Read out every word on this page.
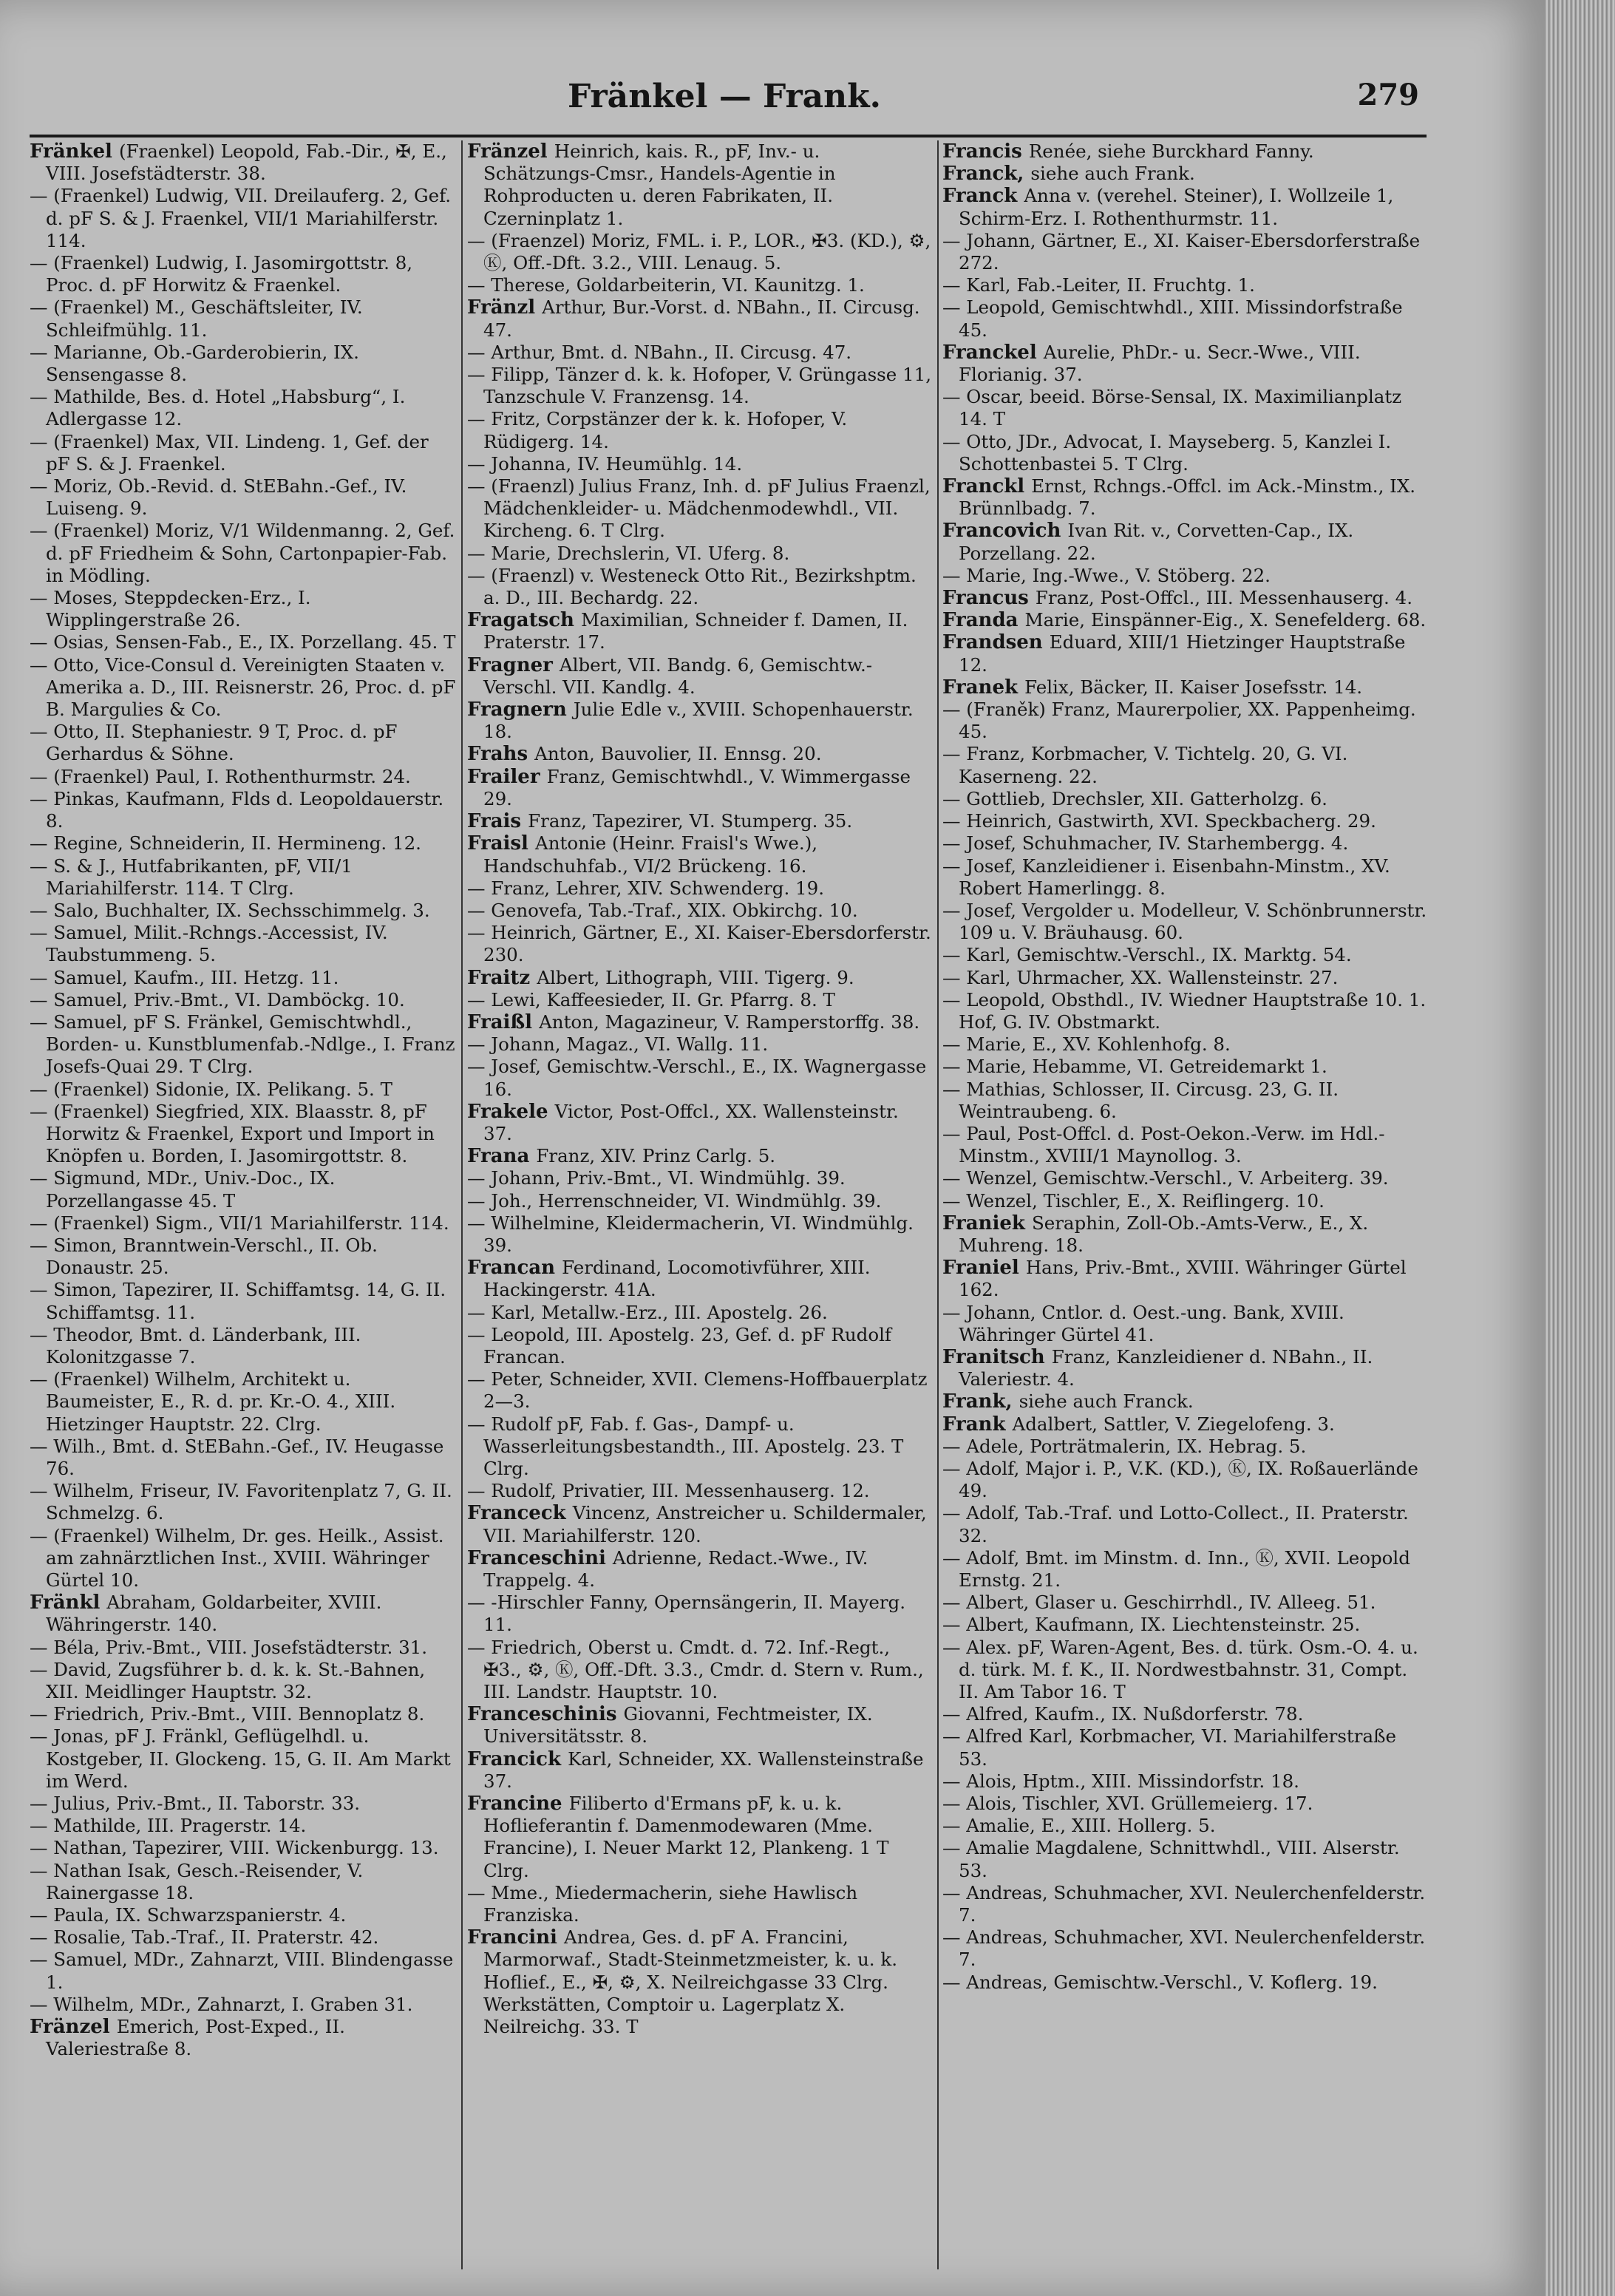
Fränkel — Frank.	279

Fränkel (Fraenkel) Leopold, Fab.-Dir., ✠, E., VIII. Josefstädterstr. 38.

— (Fraenkel) Ludwig, VII. Dreilauferg. 2, Gef. d. pF S. & J. Fraenkel, VII/1 Mariahilferstr. 114.

— (Fraenkel) Ludwig, I. Jasomirgottstr. 8, Proc. d. pF Horwitz & Fraenkel.

— (Fraenkel) M., Geschäftsleiter, IV. Schleifmühlg. 11.

— Marianne, Ob.-Garderobierin, IX. Sensengasse 8.

— Mathilde, Bes. d. Hotel „Habsburg“, I. Adlergasse 12.

— (Fraenkel) Max, VII. Lindeng. 1, Gef. der pF S. & J. Fraenkel.

— Moriz, Ob.-Revid. d. StEBahn.-Gef., IV. Luiseng. 9.

— (Fraenkel) Moriz, V/1 Wildenmanng. 2, Gef. d. pF Friedheim & Sohn, Cartonpapier-Fab. in Mödling.

— Moses, Steppdecken-Erz., I. Wipplingerstraße 26.

— Osias, Sensen-Fab., E., IX. Porzellang. 45. T

— Otto, Vice-Consul d. Vereinigten Staaten v. Amerika a. D., III. Reisnerstr. 26, Proc. d. pF B. Margulies & Co.

— Otto, II. Stephaniestr. 9 T, Proc. d. pF Gerhardus & Söhne.

— (Fraenkel) Paul, I. Rothenthurmstr. 24.

— Pinkas, Kaufmann, Flds d. Leopoldauerstr. 8.

— Regine, Schneiderin, II. Hermineng. 12.

— S. & J., Hutfabrikanten, pF, VII/1 Mariahilferstr. 114. T Clrg.

— Salo, Buchhalter, IX. Sechsschimmelg. 3.

— Samuel, Milit.-Rchngs.-Accessist, IV. Taubstummeng. 5.

— Samuel, Kaufm., III. Hetzg. 11.

— Samuel, Priv.-Bmt., VI. Damböckg. 10.

— Samuel, pF S. Fränkel, Gemischtwhdl., Borden- u. Kunstblumenfab.-Ndlge., I. Franz Josefs-Quai 29. T Clrg.

— (Fraenkel) Sidonie, IX. Pelikang. 5. T

— (Fraenkel) Siegfried, XIX. Blaasstr. 8, pF Horwitz & Fraenkel, Export und Import in Knöpfen u. Borden, I. Jasomirgottstr. 8.

— Sigmund, MDr., Univ.-Doc., IX. Porzellangasse 45. T

— (Fraenkel) Sigm., VII/1 Mariahilferstr. 114.

— Simon, Branntwein-Verschl., II. Ob. Donaustr. 25.

— Simon, Tapezirer, II. Schiffamtsg. 14, G. II. Schiffamtsg. 11.

— Theodor, Bmt. d. Länderbank, III. Kolonitzgasse 7.

— (Fraenkel) Wilhelm, Architekt u. Baumeister, E., R. d. pr. Kr.-O. 4., XIII. Hietzinger Hauptstr. 22. Clrg.

— Wilh., Bmt. d. StEBahn.-Gef., IV. Heugasse 76.

— Wilhelm, Friseur, IV. Favoritenplatz 7, G. II. Schmelzg. 6.

— (Fraenkel) Wilhelm, Dr. ges. Heilk., Assist. am zahnärztlichen Inst., XVIII. Währinger Gürtel 10.

Fränkl Abraham, Goldarbeiter, XVIII. Währingerstr. 140.

— Béla, Priv.-Bmt., VIII. Josefstädterstr. 31.

— David, Zugsführer b. d. k. k. St.-Bahnen, XII. Meidlinger Hauptstr. 32.

— Friedrich, Priv.-Bmt., VIII. Bennoplatz 8.

— Jonas, pF J. Fränkl, Geflügelhdl. u. Kostgeber, II. Glockeng. 15, G. II. Am Markt im Werd.

— Julius, Priv.-Bmt., II. Taborstr. 33.

— Mathilde, III. Pragerstr. 14.

— Nathan, Tapezirer, VIII. Wickenburgg. 13.

— Nathan Isak, Gesch.-Reisender, V. Rainergasse 18.

— Paula, IX. Schwarzspanierstr. 4.

— Rosalie, Tab.-Traf., II. Praterstr. 42.

— Samuel, MDr., Zahnarzt, VIII. Blindengasse 1.

— Wilhelm, MDr., Zahnarzt, I. Graben 31.

Fränzel Emerich, Post-Exped., II. Valeriestraße 8.

Fränzel Heinrich, kais. R., pF, Inv.- u. Schätzungs-Cmsr., Handels-Agentie in Rohproducten u. deren Fabrikaten, II. Czerninplatz 1.

— (Fraenzel) Moriz, FML. i. P., LOR., ✠3. (KD.), ⚙, Ⓚ, Off.-Dft. 3.2., VIII. Lenaug. 5.

— Therese, Goldarbeiterin, VI. Kaunitzg. 1.

Fränzl Arthur, Bur.-Vorst. d. NBahn., II. Circusg. 47.

— Arthur, Bmt. d. NBahn., II. Circusg. 47.

— Filipp, Tänzer d. k. k. Hofoper, V. Grüngasse 11, Tanzschule V. Franzensg. 14.

— Fritz, Corpstänzer der k. k. Hofoper, V. Rüdigerg. 14.

— Johanna, IV. Heumühlg. 14.

— (Fraenzl) Julius Franz, Inh. d. pF Julius Fraenzl, Mädchenkleider- u. Mädchenmodewhdl., VII. Kircheng. 6. T Clrg.

— Marie, Drechslerin, VI. Uferg. 8.

— (Fraenzl) v. Westeneck Otto Rit., Bezirkshptm. a. D., III. Bechardg. 22.

Fragatsch Maximilian, Schneider f. Damen, II. Praterstr. 17.

Fragner Albert, VII. Bandg. 6, Gemischtw.-Verschl. VII. Kandlg. 4.

Fragnern Julie Edle v., XVIII. Schopenhauerstr. 18.

Frahs Anton, Bauvolier, II. Ennsg. 20.

Frailer Franz, Gemischtwhdl., V. Wimmergasse 29.

Frais Franz, Tapezirer, VI. Stumperg. 35.

Fraisl Antonie (Heinr. Fraisl's Wwe.), Handschuhfab., VI/2 Brückeng. 16.

— Franz, Lehrer, XIV. Schwenderg. 19.

— Genovefa, Tab.-Traf., XIX. Obkirchg. 10.

— Heinrich, Gärtner, E., XI. Kaiser-Ebersdorferstr. 230.

Fraitz Albert, Lithograph, VIII. Tigerg. 9.

— Lewi, Kaffeesieder, II. Gr. Pfarrg. 8. T

Fraißl Anton, Magazineur, V. Ramperstorffg. 38.

— Johann, Magaz., VI. Wallg. 11.

— Josef, Gemischtw.-Verschl., E., IX. Wagnergasse 16.

Frakele Victor, Post-Offcl., XX. Wallensteinstr. 37.

Frana Franz, XIV. Prinz Carlg. 5.

— Johann, Priv.-Bmt., VI. Windmühlg. 39.

— Joh., Herrenschneider, VI. Windmühlg. 39.

— Wilhelmine, Kleidermacherin, VI. Windmühlg. 39.

Francan Ferdinand, Locomotivführer, XIII. Hackingerstr. 41A.

— Karl, Metallw.-Erz., III. Apostelg. 26.

— Leopold, III. Apostelg. 23, Gef. d. pF Rudolf Francan.

— Peter, Schneider, XVII. Clemens-Hoffbauerplatz 2—3.

— Rudolf pF, Fab. f. Gas-, Dampf- u. Wasserleitungsbestandth., III. Apostelg. 23. T Clrg.

— Rudolf, Privatier, III. Messenhauserg. 12.

Franceck Vincenz, Anstreicher u. Schildermaler, VII. Mariahilferstr. 120.

Franceschini Adrienne, Redact.-Wwe., IV. Trappelg. 4.

— -Hirschler Fanny, Opernsängerin, II. Mayerg. 11.

— Friedrich, Oberst u. Cmdt. d. 72. Inf.-Regt., ✠3., ⚙, Ⓚ, Off.-Dft. 3.3., Cmdr. d. Stern v. Rum., III. Landstr. Hauptstr. 10.

Franceschinis Giovanni, Fechtmeister, IX. Universitätsstr. 8.

Francick Karl, Schneider, XX. Wallensteinstraße 37.

Francine Filiberto d'Ermans pF, k. u. k. Hoflieferantin f. Damenmodewaren (Mme. Francine), I. Neuer Markt 12, Plankeng. 1 T Clrg.

— Mme., Miedermacherin, siehe Hawlisch Franziska.

Francini Andrea, Ges. d. pF A. Francini, Marmorwaf., Stadt-Steinmetzmeister, k. u. k. Hoflief., E., ✠, ⚙, X. Neilreichgasse 33 Clrg. Werkstätten, Comptoir u. Lagerplatz X. Neilreichg. 33. T

Francis Renée, siehe Burckhard Fanny.

Franck, siehe auch Frank.

Franck Anna v. (verehel. Steiner), I. Wollzeile 1, Schirm-Erz. I. Rothenthurmstr. 11.

— Johann, Gärtner, E., XI. Kaiser-Ebersdorferstraße 272.

— Karl, Fab.-Leiter, II. Fruchtg. 1.

— Leopold, Gemischtwhdl., XIII. Missindorfstraße 45.

Franckel Aurelie, PhDr.- u. Secr.-Wwe., VIII. Florianig. 37.

— Oscar, beeid. Börse-Sensal, IX. Maximilianplatz 14. T

— Otto, JDr., Advocat, I. Mayseberg. 5, Kanzlei I. Schottenbastei 5. T Clrg.

Franckl Ernst, Rchngs.-Offcl. im Ack.-Minstm., IX. Brünnlbadg. 7.

Francovich Ivan Rit. v., Corvetten-Cap., IX. Porzellang. 22.

— Marie, Ing.-Wwe., V. Stöberg. 22.

Francus Franz, Post-Offcl., III. Messenhauserg. 4.

Franda Marie, Einspänner-Eig., X. Senefelderg. 68.

Frandsen Eduard, XIII/1 Hietzinger Hauptstraße 12.

Franek Felix, Bäcker, II. Kaiser Josefsstr. 14.

— (Franěk) Franz, Maurerpolier, XX. Pappenheimg. 45.

— Franz, Korbmacher, V. Tichtelg. 20, G. VI. Kaserneng. 22.

— Gottlieb, Drechsler, XII. Gatterholzg. 6.

— Heinrich, Gastwirth, XVI. Speckbacherg. 29.

— Josef, Schuhmacher, IV. Starhembergg. 4.

— Josef, Kanzleidiener i. Eisenbahn-Minstm., XV. Robert Hamerlingg. 8.

— Josef, Vergolder u. Modelleur, V. Schönbrunnerstr. 109 u. V. Bräuhausg. 60.

— Karl, Gemischtw.-Verschl., IX. Marktg. 54.

— Karl, Uhrmacher, XX. Wallensteinstr. 27.

— Leopold, Obsthdl., IV. Wiedner Hauptstraße 10. 1. Hof, G. IV. Obstmarkt.

— Marie, E., XV. Kohlenhofg. 8.

— Marie, Hebamme, VI. Getreidemarkt 1.

— Mathias, Schlosser, II. Circusg. 23, G. II. Weintraubeng. 6.

— Paul, Post-Offcl. d. Post-Oekon.-Verw. im Hdl.-Minstm., XVIII/1 Maynollog. 3.

— Wenzel, Gemischtw.-Verschl., V. Arbeiterg. 39.

— Wenzel, Tischler, E., X. Reiflingerg. 10.

Franiek Seraphin, Zoll-Ob.-Amts-Verw., E., X. Muhreng. 18.

Franiel Hans, Priv.-Bmt., XVIII. Währinger Gürtel 162.

— Johann, Cntlor. d. Oest.-ung. Bank, XVIII. Währinger Gürtel 41.

Franitsch Franz, Kanzleidiener d. NBahn., II. Valeriestr. 4.

Frank, siehe auch Franck.

Frank Adalbert, Sattler, V. Ziegelofeng. 3.

— Adele, Porträtmalerin, IX. Hebrag. 5.

— Adolf, Major i. P., V.K. (KD.), Ⓚ, IX. Roßauerlände 49.

— Adolf, Tab.-Traf. und Lotto-Collect., II. Praterstr. 32.

— Adolf, Bmt. im Minstm. d. Inn., Ⓚ, XVII. Leopold Ernstg. 21.

— Albert, Glaser u. Geschirrhdl., IV. Alleeg. 51.

— Albert, Kaufmann, IX. Liechtensteinstr. 25.

— Alex. pF, Waren-Agent, Bes. d. türk. Osm.-O. 4. u. d. türk. M. f. K., II. Nordwestbahnstr. 31, Compt. II. Am Tabor 16. T

— Alfred, Kaufm., IX. Nußdorferstr. 78.

— Alfred Karl, Korbmacher, VI. Mariahilferstraße 53.

— Alois, Hptm., XIII. Missindorfstr. 18.

— Alois, Tischler, XVI. Grüllemeierg. 17.

— Amalie, E., XIII. Hollerg. 5.

— Amalie Magdalene, Schnittwhdl., VIII. Alserstr. 53.

— Andreas, Schuhmacher, XVI. Neulerchenfelderstr. 7.

— Andreas, Schuhmacher, XVI. Neulerchenfelderstr. 7.

— Andreas, Gemischtw.-Verschl., V. Koflerg. 19.
